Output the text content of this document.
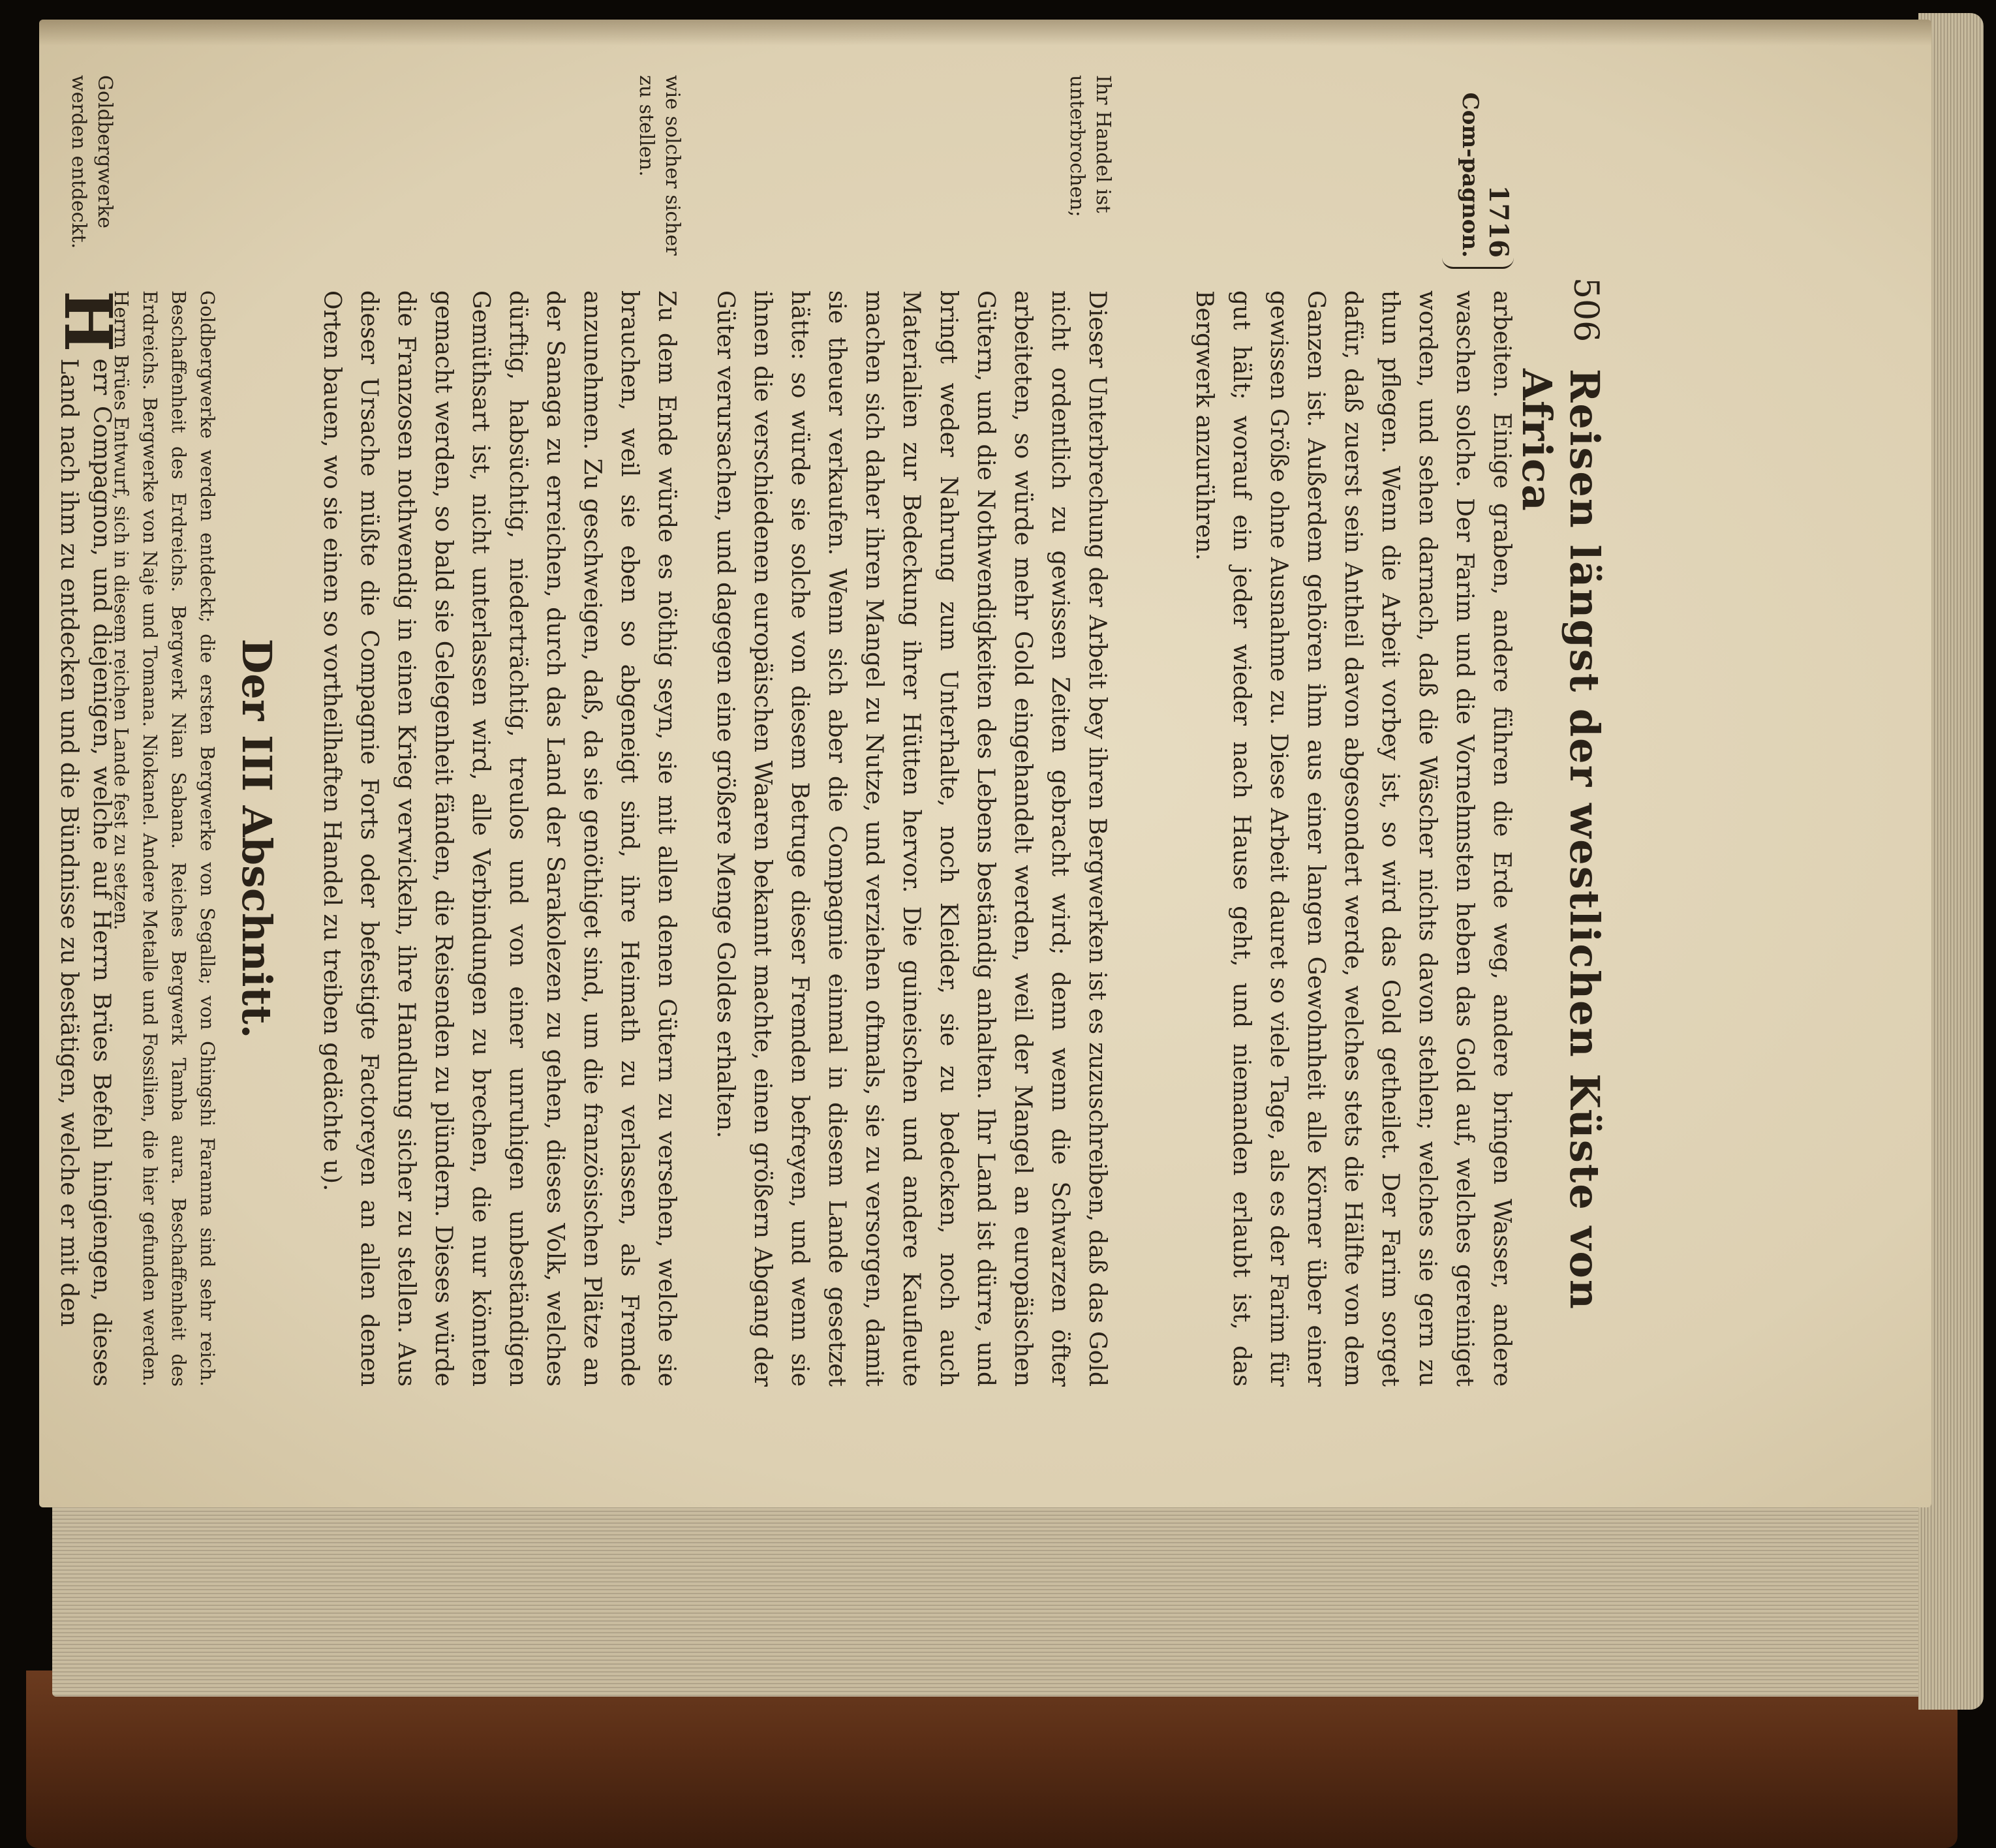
506
Reisen längst der westlichen Küste von Africa
1716
Com-pagnon.
arbeiten. Einige graben, andere führen die Erde weg, andere bringen Wasser, andere waschen solche. Der Farim und die Vornehmsten heben das Gold auf, welches gereiniget worden, und sehen darnach, daß die Wäscher nichts davon stehlen; welches sie gern zu thun pflegen. Wenn die Arbeit vorbey ist, so wird das Gold getheilet. Der Farim sorget dafür, daß zuerst sein Antheil davon abgesondert werde, welches stets die Hälfte von dem Ganzen ist. Außerdem gehören ihm aus einer langen Gewohnheit alle Körner über einer gewissen Größe ohne Ausnahme zu. Diese Arbeit dauret so viele Tage, als es der Farim für gut hält; worauf ein jeder wieder nach Hause geht, und niemanden erlaubt ist, das Bergwerk anzurühren.
Ihr Handel ist unterbrochen;
Dieser Unterbrechung der Arbeit bey ihren Bergwerken ist es zuzuschreiben, daß das Gold nicht ordentlich zu gewissen Zeiten gebracht wird; denn wenn die Schwarzen öfter arbeiteten, so würde mehr Gold eingehandelt werden, weil der Mangel an europäischen Gütern, und die Nothwendigkeiten des Lebens beständig anhalten. Ihr Land ist dürre, und bringt weder Nahrung zum Unterhalte, noch Kleider, sie zu bedecken, noch auch Materialien zur Bedeckung ihrer Hütten hervor. Die guineischen und andere Kaufleute machen sich daher ihren Mangel zu Nutze, und verziehen oftmals, sie zu versorgen, damit sie theuer verkaufen. Wenn sich aber die Compagnie einmal in diesem Lande gesetzet hätte: so würde sie solche von diesem Betruge dieser Fremden befreyen, und wenn sie ihnen die verschiedenen europäischen Waaren bekannt machte, einen größern Abgang der Güter verursachen, und dagegen eine größere Menge Goldes erhalten.
wie solcher sicher zu stellen.
Zu dem Ende würde es nöthig seyn, sie mit allen denen Gütern zu versehen, welche sie brauchen, weil sie eben so abgeneigt sind, ihre Heimath zu verlassen, als Fremde anzunehmen. Zu geschweigen, daß, da sie genöthiget sind, um die französischen Plätze an der Sanaga zu erreichen, durch das Land der Sarakolezen zu gehen, dieses Volk, welches dürftig, habsüchtig, niederträchtig, treulos und von einer unruhigen unbeständigen Gemüthsart ist, nicht unterlassen wird, alle Verbindungen zu brechen, die nur könnten gemacht werden, so bald sie Gelegenheit fänden, die Reisenden zu plündern. Dieses würde die Franzosen nothwendig in einen Krieg verwickeln, ihre Handlung sicher zu stellen. Aus dieser Ursache müßte die Compagnie Forts oder befestigte Factoreyen an allen denen Orten bauen, wo sie einen so vortheilhaften Handel zu treiben gedächte u).
Der III Abschnitt.
Goldbergwerke werden entdeckt; die ersten Bergwerke von Segalla; von Ghingshi Faranna sind sehr reich. Beschaffenheit des Erdreichs. Bergwerk Nian Sabana. Reiches Bergwerk Tamba aura. Beschaffenheit des Erdreichs. Bergwerke von Naje und Tomana. Niokanel. Andere Metalle und Fossilien, die hier gefunden werden. Herrn Brües Entwurf, sich in diesem reichen Lande fest zu setzen.
Goldbergwerke werden entdeckt.
H
err Compagnon, und diejenigen, welche auf Herrn Brües Befehl hingiengen, dieses Land nach ihm zu entdecken und die Bündnisse zu bestätigen, welche er mit den
